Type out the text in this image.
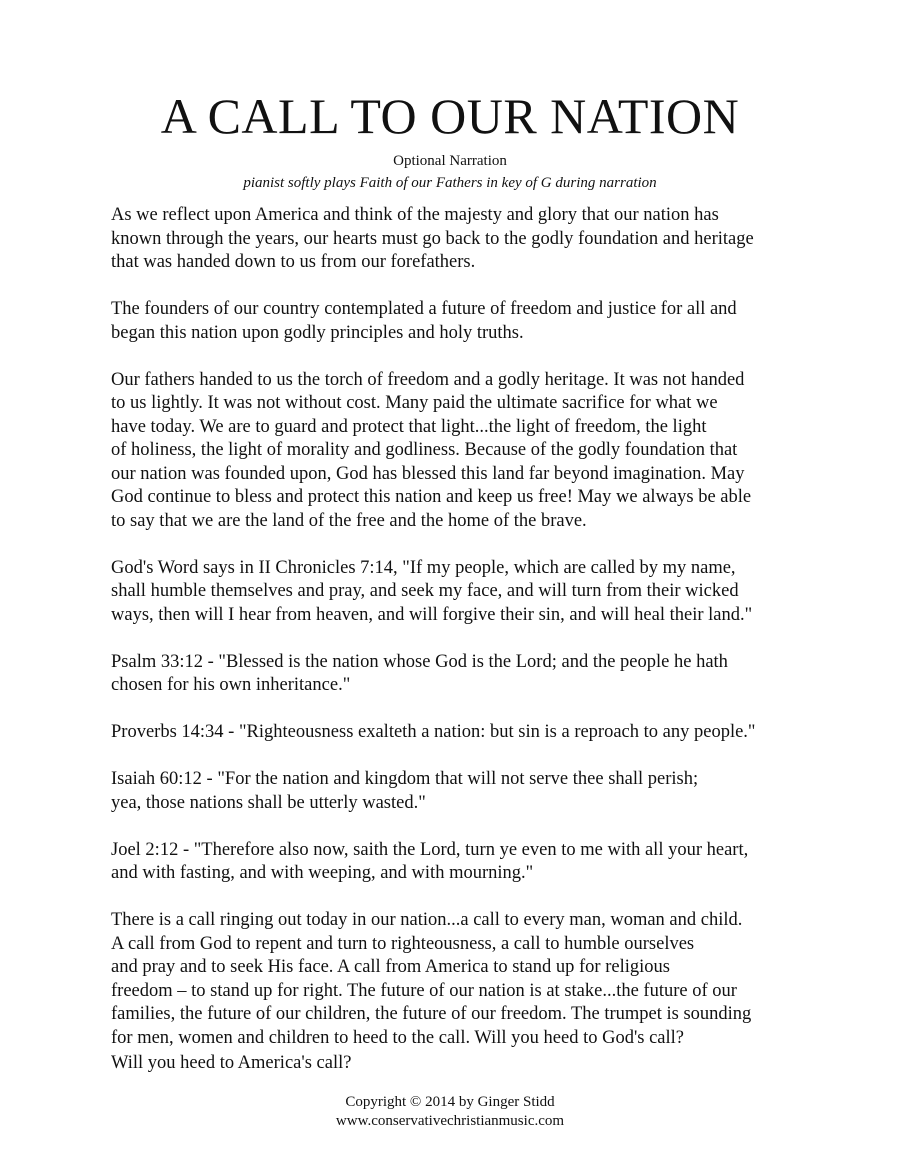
A CALL TO OUR NATION
Optional Narration
pianist softly plays Faith of our Fathers in key of G during narration

As we reflect upon America and think of the majesty and glory that our nation has
known through the years, our hearts must go back to the godly foundation and heritage
that was handed down to us from our forefathers.

The founders of our country contemplated a future of freedom and justice for all and
began this nation upon godly principles and holy truths.

Our fathers handed to us the torch of freedom and a godly heritage. It was not handed
to us lightly. It was not without cost. Many paid the ultimate sacrifice for what we
have today. We are to guard and protect that light...the light of freedom, the light
of holiness, the light of morality and godliness. Because of the godly foundation that
our nation was founded upon, God has blessed this land far beyond imagination. May
God continue to bless and protect this nation and keep us free! May we always be able
to say that we are the land of the free and the home of the brave.

God's Word says in II Chronicles 7:14, "If my people, which are called by my name,
shall humble themselves and pray, and seek my face, and will turn from their wicked
ways, then will I hear from heaven, and will forgive their sin, and will heal their land."

Psalm 33:12 - "Blessed is the nation whose God is the Lord; and the people he hath
chosen for his own inheritance."

Proverbs 14:34 - "Righteousness exalteth a nation: but sin is a reproach to any people."

Isaiah 60:12 - "For the nation and kingdom that will not serve thee shall perish;
yea, those nations shall be utterly wasted."

Joel 2:12 - "Therefore also now, saith the Lord, turn ye even to me with all your heart,
and with fasting, and with weeping, and with mourning."

There is a call ringing out today in our nation...a call to every man, woman and child.
A call from God to repent and turn to righteousness, a call to humble ourselves
and pray and to seek His face. A call from America to stand up for religious
freedom – to stand up for right. The future of our nation is at stake...the future of our
families, the future of our children, the future of our freedom. The trumpet is sounding
for men, women and children to heed to the call. Will you heed to God's call?
Will you heed to America's call?

Copyright © 2014 by Ginger Stidd
www.conservativechristianmusic.com
